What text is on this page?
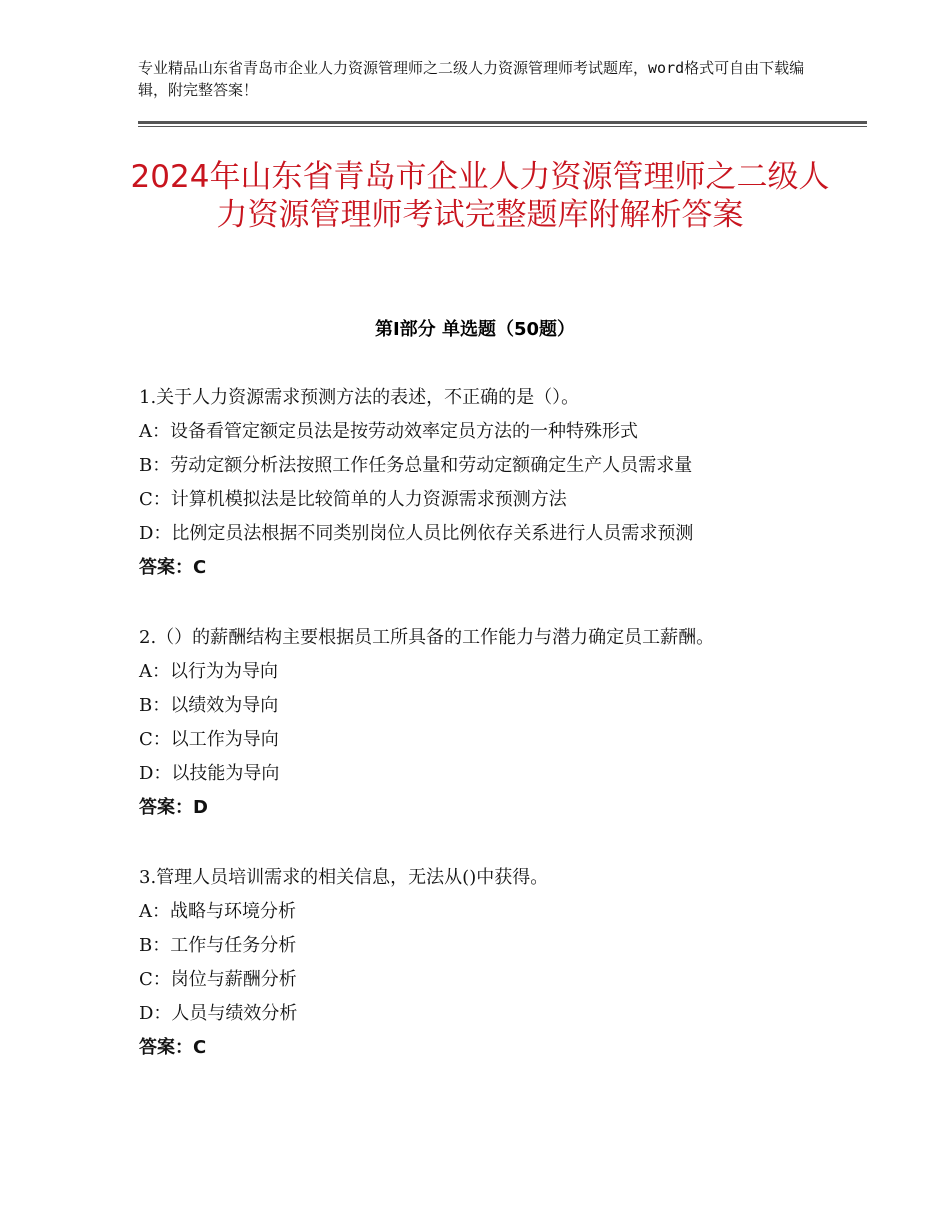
专业精品山东省青岛市企业人力资源管理师之二级人力资源管理师考试题库，word格式可自由下载编辑，附完整答案！
2024年山东省青岛市企业人力资源管理师之二级人力资源管理师考试完整题库附解析答案
第Ⅰ部分 单选题（50题）
1.关于人力资源需求预测方法的表述，不正确的是（）。
A：设备看管定额定员法是按劳动效率定员方法的一种特殊形式
B：劳动定额分析法按照工作任务总量和劳动定额确定生产人员需求量
C：计算机模拟法是比较简单的人力资源需求预测方法
D：比例定员法根据不同类别岗位人员比例依存关系进行人员需求预测
答案：C
2.（）的薪酬结构主要根据员工所具备的工作能力与潜力确定员工薪酬。
A：以行为为导向
B：以绩效为导向
C：以工作为导向
D：以技能为导向
答案：D
3.管理人员培训需求的相关信息，无法从()中获得。
A：战略与环境分析
B：工作与任务分析
C：岗位与薪酬分析
D：人员与绩效分析
答案：C
